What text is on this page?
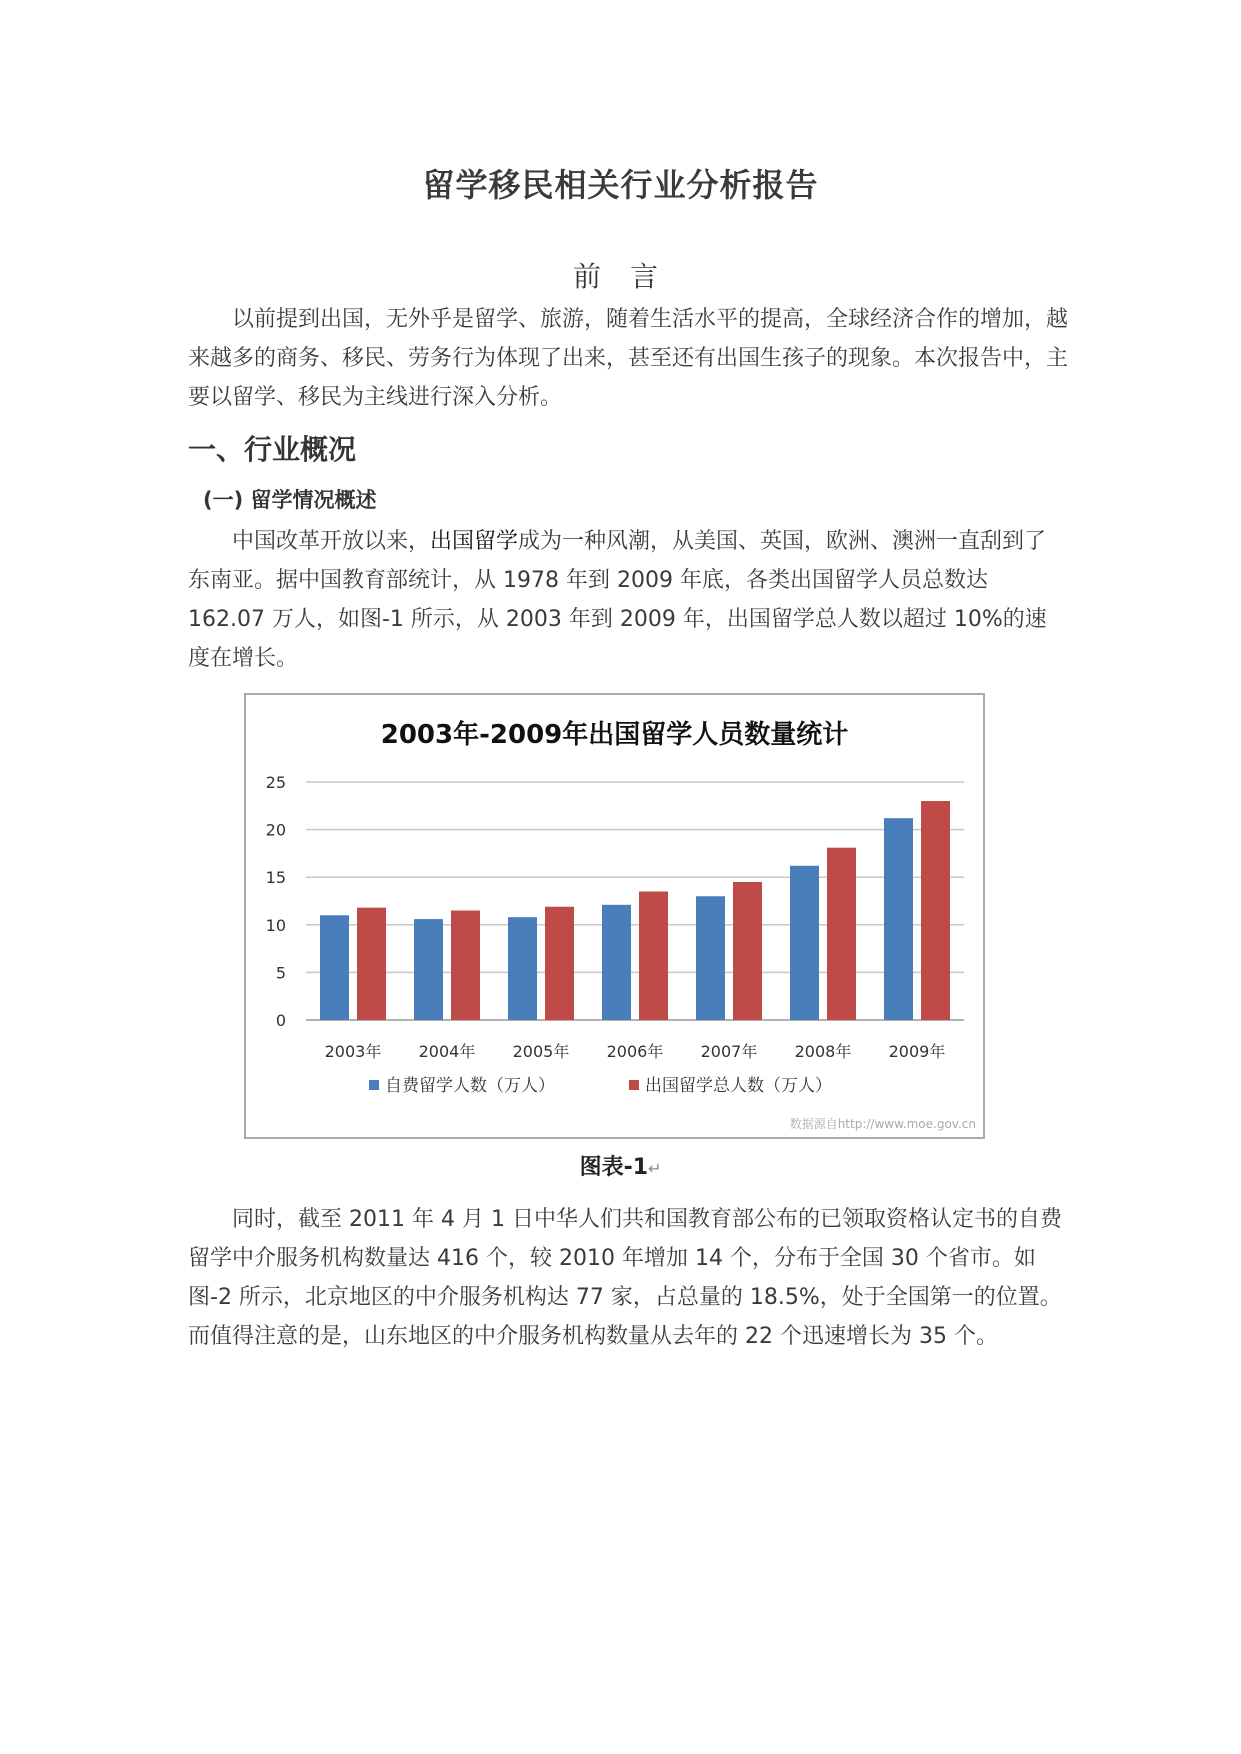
留学移民相关行业分析报告
前 言

以前提到出国，无外乎是留学、旅游，随着生活水平的提高，全球经济合作的增加，越来越多的商务、移民、劳务行为体现了出来，甚至还有出国生孩子的现象。本次报告中，主要以留学、移民为主线进行深入分析。

一、行业概况
(一) 留学情况概述

中国改革开放以来，出国留学成为一种风潮，从美国、英国，欧洲、澳洲一直刮到了东南亚。据中国教育部统计，从 1978 年到 2009 年底，各类出国留学人员总数达 162.07 万人，如图-1 所示，从 2003 年到 2009 年，出国留学总人数以超过 10%的速度在增长。

2003年-2009年出国留学人员数量统计
0
5
10
15
20
25
2003年 2004年 2005年 2006年 2007年 2008年 2009年
自费留学人数（万人）	出国留学总人数（万人）
数据源自http://www.moe.gov.cn
图表-1↵

同时，截至 2011 年 4 月 1 日中华人们共和国教育部公布的已领取资格认定书的自费留学中介服务机构数量达 416 个，较 2010 年增加 14 个，分布于全国 30 个省市。如图-2 所示，北京地区的中介服务机构达 77 家，占总量的 18.5%，处于全国第一的位置。而值得注意的是，山东地区的中介服务机构数量从去年的 22 个迅速增长为 35 个。
